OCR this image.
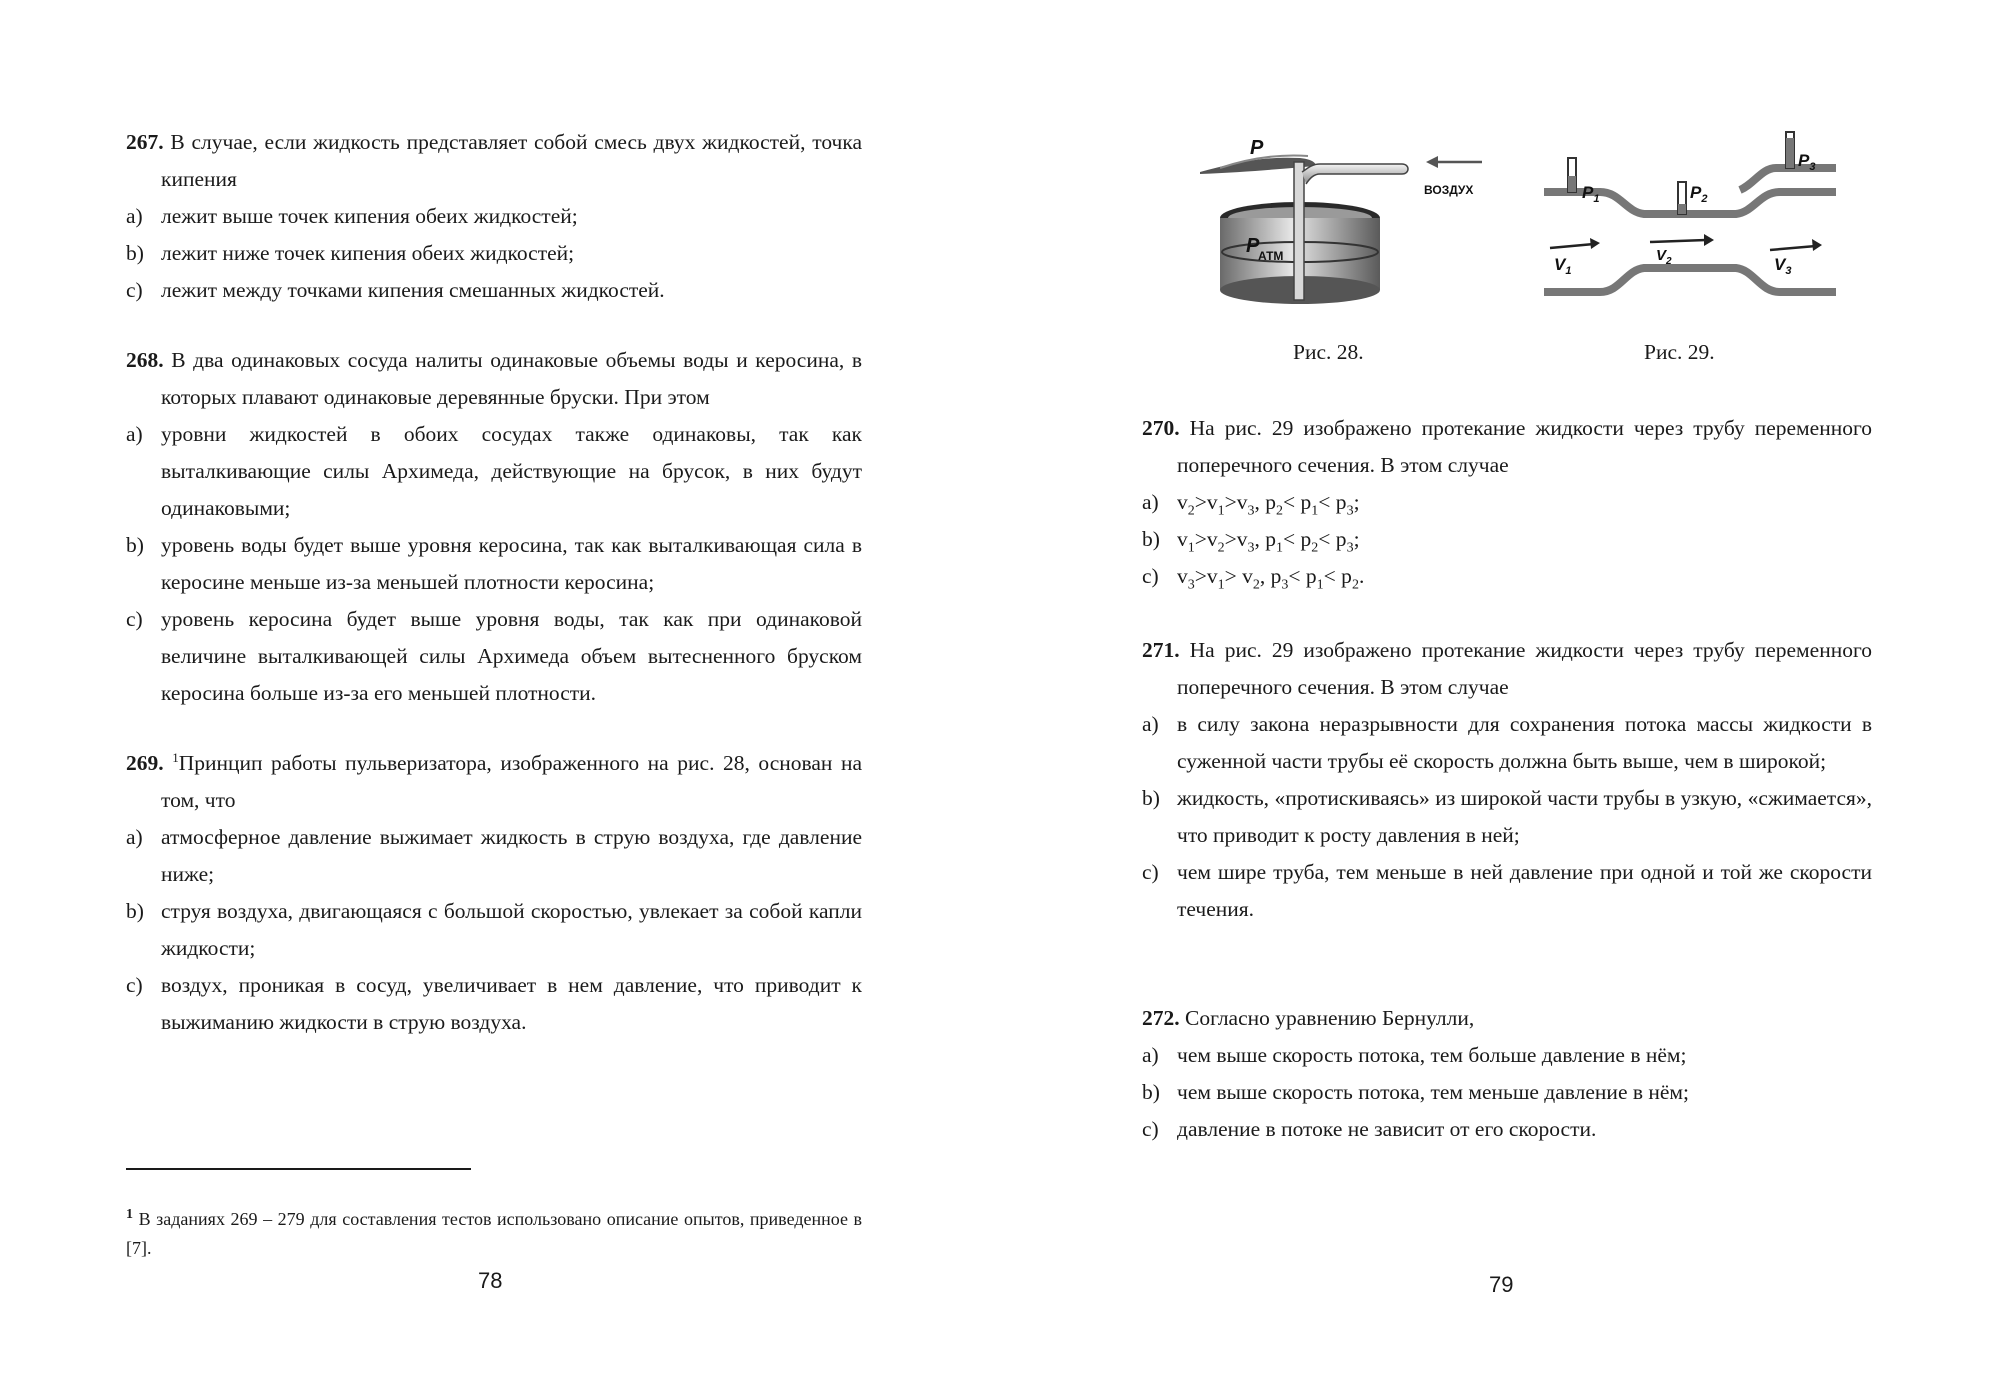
267. В случае, если жидкость представляет собой смесь двух жидкостей, точка кипения

a) лежит выше точек кипения обеих жидкостей;
b) лежит ниже точек кипения обеих жидкостей;
c) лежит между точками кипения смешанных жидкостей.

268. В два одинаковых сосуда налиты одинаковые объемы воды и керосина, в которых плавают одинаковые деревянные бруски. При этом

a) уровни жидкостей в обоих сосудах также одинаковы, так как выталкивающие силы Архимеда, действующие на брусок, в них будут одинаковыми;
b) уровень воды будет выше уровня керосина, так как выталкивающая сила в керосине меньше из-за меньшей плотности керосина;
c) уровень керосина будет выше уровня воды, так как при одинаковой величине выталкивающей силы Архимеда объем вытесненного бруском керосина больше из-за его меньшей плотности.

269. $^1$Принцип работы пульверизатора, изображенного на рис. 28, основан на том, что

a) атмосферное давление выжимает жидкость в струю воздуха, где давление ниже;
b) струя воздуха, двигающаяся с большой скоростью, увлекает за собой капли жидкости;
c) воздух, проникая в сосуд, увеличивает в нем давление, что приводит к выжиманию жидкости в струю воздуха.
$^1$ В заданиях 269 – 279 для составления тестов использовано описание опытов, приведенное в [7].
78
P
P
АТМ
ВОЗДУХ	$P_1$	$P_2$
$P_3$
$V_1$
$V_2$	$V_3$
Рис. 28.	Рис. 29.

270. На рис. 29 изображено протекание жидкости через трубу переменного поперечного сечения. В этом случае

a) $v_2>v_1>v_3$, $p_2< p_1< p_3$;
b) $v_1>v_2>v_3$, $p_1< p_2< p_3$;
c) $v_3>v_1> v_2$, $p_3< p_1< p_2$.

271. На рис. 29 изображено протекание жидкости через трубу переменного поперечного сечения. В этом случае

a) в силу закона неразрывности для сохранения потока массы жидкости в суженной части трубы её скорость должна быть выше, чем в широкой;
b) жидкость, «протискиваясь» из широкой части трубы в узкую, «сжимается», что приводит к росту давления в ней;
c) чем шире труба, тем меньше в ней давление при одной и той же скорости течения.

272. Согласно уравнению Бернулли,

a) чем выше скорость потока, тем больше давление в нём;
b) чем выше скорость потока, тем меньше давление в нём;
c) давление в потоке не зависит от его скорости.
79
